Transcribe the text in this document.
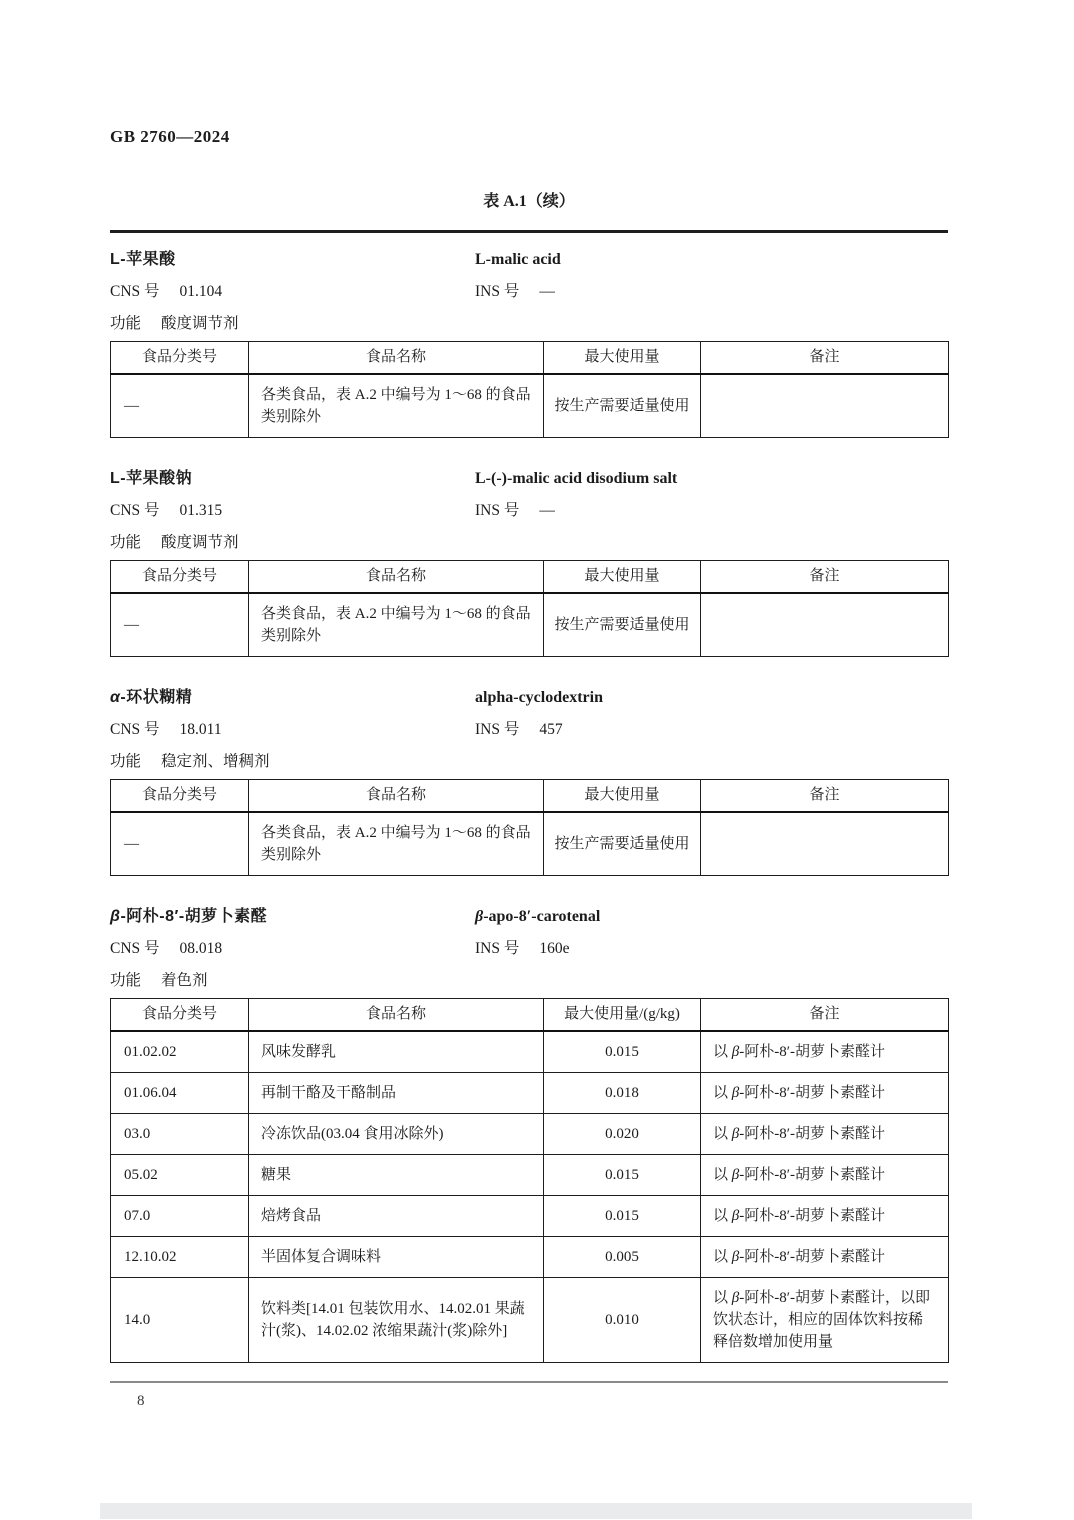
GB 2760—2024
表 A.1（续）
L-苹果酸	L-malic acid
CNS 号 01.104	INS 号 —
功能 酸度调节剂
食品分类号	食品名称	最大使用量	备注
—	各类食品，表 A.2 中编号为 1～68 的食品类别除外	按生产需要适量使用	
L-苹果酸钠	L-(-)-malic acid disodium salt
CNS 号 01.315	INS 号 —
功能 酸度调节剂
食品分类号	食品名称	最大使用量	备注
—	各类食品，表 A.2 中编号为 1～68 的食品类别除外	按生产需要适量使用	
α-环状糊精	alpha-cyclodextrin
CNS 号 18.011	INS 号 457
功能 稳定剂、增稠剂
食品分类号	食品名称	最大使用量	备注
—	各类食品，表 A.2 中编号为 1～68 的食品类别除外	按生产需要适量使用	
β-阿朴-8′-胡萝卜素醛	β-apo-8′-carotenal
CNS 号 08.018	INS 号 160e
功能 着色剂
食品分类号	食品名称	最大使用量/(g/kg)	备注
01.02.02	风味发酵乳	0.015	以 β-阿朴-8′-胡萝卜素醛计
01.06.04	再制干酪及干酪制品	0.018	以 β-阿朴-8′-胡萝卜素醛计
03.0	冷冻饮品(03.04 食用冰除外)	0.020	以 β-阿朴-8′-胡萝卜素醛计
05.02	糖果	0.015	以 β-阿朴-8′-胡萝卜素醛计
07.0	焙烤食品	0.015	以 β-阿朴-8′-胡萝卜素醛计
12.10.02	半固体复合调味料	0.005	以 β-阿朴-8′-胡萝卜素醛计
14.0	饮料类[14.01 包装饮用水、14.02.01 果蔬汁(浆)、14.02.02 浓缩果蔬汁(浆)除外]	0.010	以 β-阿朴-8′-胡萝卜素醛计，以即饮状态计，相应的固体饮料按稀释倍数增加使用量
8
